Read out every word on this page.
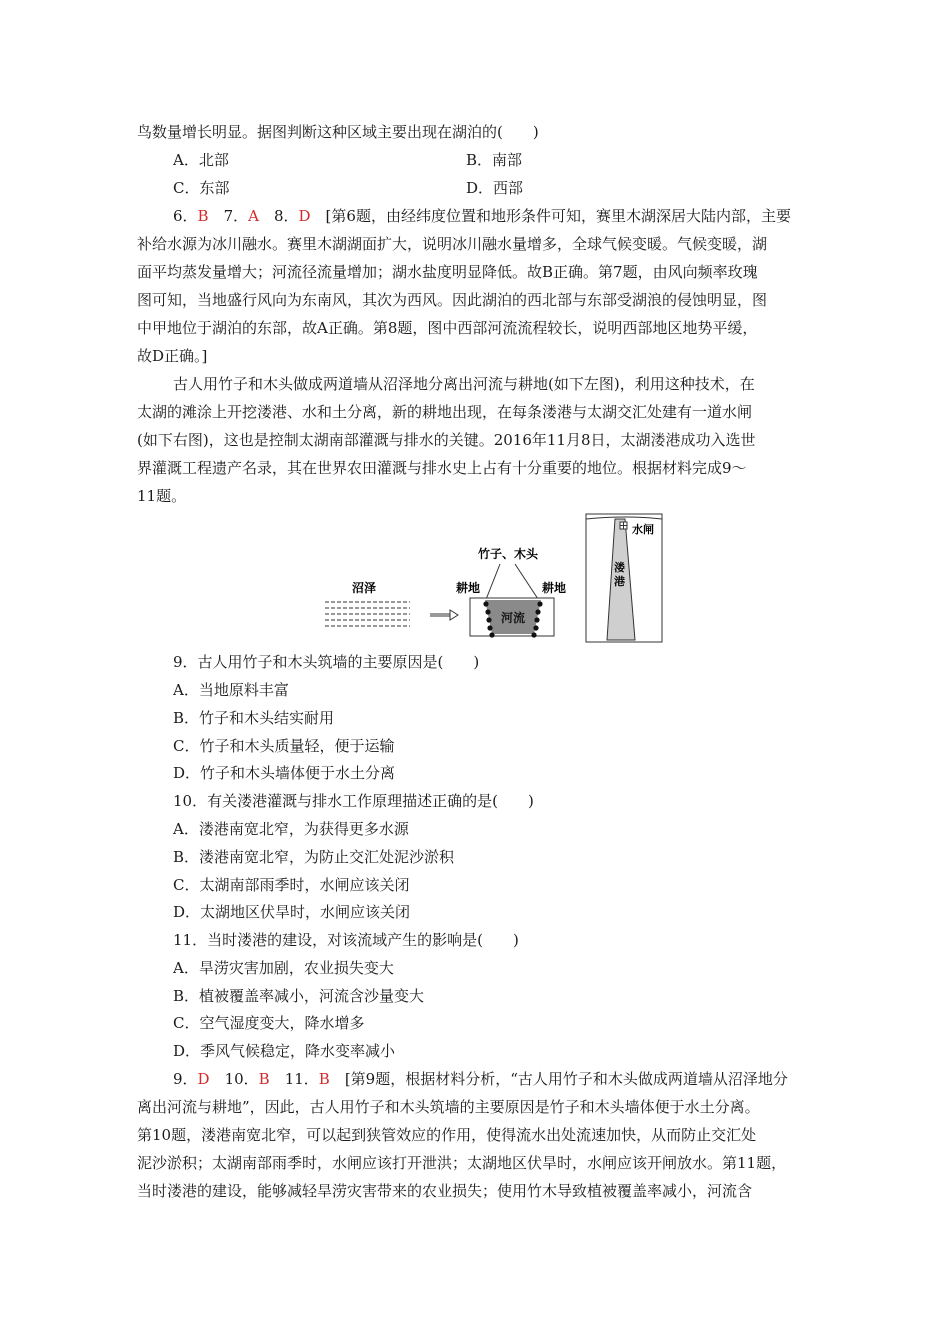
鸟数量增长明显。据图判断这种区域主要出现在湖泊的(　　)
A．北部	B．南部
C．东部	D．西部
6．B　7．A　8．D　[第6题，由经纬度位置和地形条件可知，赛里木湖深居大陆内部，主要
补给水源为冰川融水。赛里木湖湖面扩大，说明冰川融水量增多，全球气候变暖。气候变暖，湖
面平均蒸发量增大；河流径流量增加；湖水盐度明显降低。故B正确。第7题，由风向频率玫瑰
图可知，当地盛行风向为东南风，其次为西风。因此湖泊的西北部与东部受湖浪的侵蚀明显，图
中甲地位于湖泊的东部，故A正确。第8题，图中西部河流流程较长，说明西部地区地势平缓，
故D正确。]
古人用竹子和木头做成两道墙从沼泽地分离出河流与耕地(如下左图)，利用这种技术，在
太湖的滩涂上开挖溇港、水和土分离，新的耕地出现，在每条溇港与太湖交汇处建有一道水闸
(如下右图)，这也是控制太湖南部灌溉与排水的关键。2016年11月8日，太湖溇港成功入选世
界灌溉工程遗产名录，其在世界农田灌溉与排水史上占有十分重要的地位。根据材料完成9～
11题。
沼泽
竹子、木头
耕地	耕地
河流
水闸
溇
港
9．古人用竹子和木头筑墙的主要原因是(　　)
A．当地原料丰富
B．竹子和木头结实耐用
C．竹子和木头质量轻，便于运输
D．竹子和木头墙体便于水土分离
10．有关溇港灌溉与排水工作原理描述正确的是(　　)
A．溇港南宽北窄，为获得更多水源
B．溇港南宽北窄，为防止交汇处泥沙淤积
C．太湖南部雨季时，水闸应该关闭
D．太湖地区伏旱时，水闸应该关闭
11．当时溇港的建设，对该流域产生的影响是(　　)
A．旱涝灾害加剧，农业损失变大
B．植被覆盖率减小，河流含沙量变大
C．空气湿度变大，降水增多
D．季风气候稳定，降水变率减小
9．D　10．B　11．B　[第9题，根据材料分析，“古人用竹子和木头做成两道墙从沼泽地分
离出河流与耕地”，因此，古人用竹子和木头筑墙的主要原因是竹子和木头墙体便于水土分离。
第10题，溇港南宽北窄，可以起到狭管效应的作用，使得流水出处流速加快，从而防止交汇处
泥沙淤积；太湖南部雨季时，水闸应该打开泄洪；太湖地区伏旱时，水闸应该开闸放水。第11题，
当时溇港的建设，能够减轻旱涝灾害带来的农业损失；使用竹木导致植被覆盖率减小，河流含
